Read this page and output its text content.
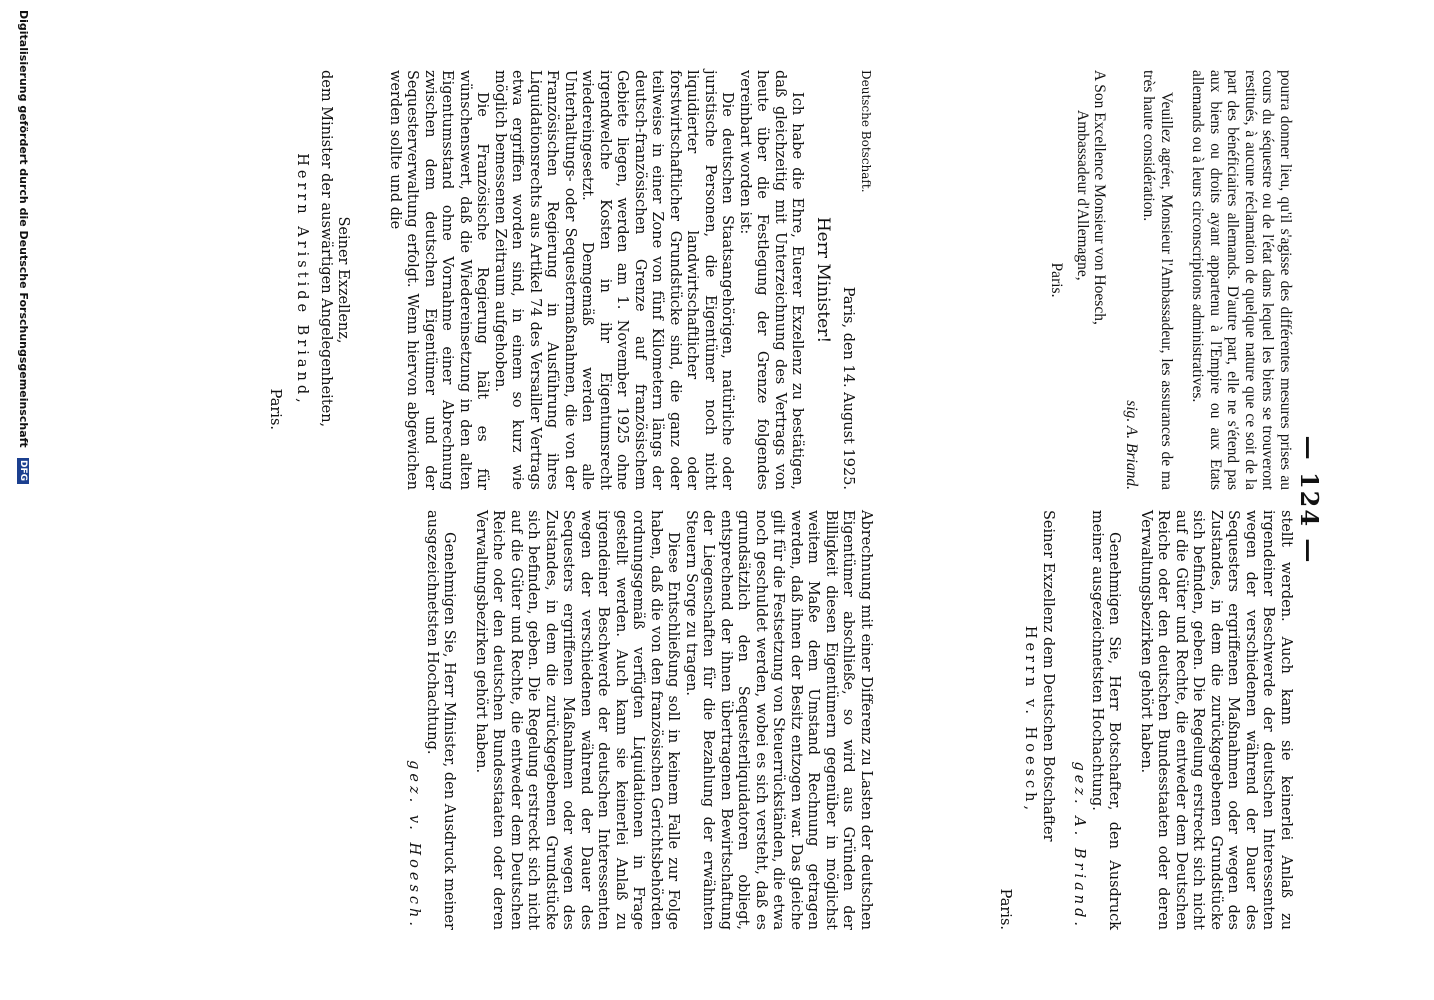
— 124 —

pourra donner lieu, qu'il s'agisse des différentes mesures prises au cours du séquestre ou de l'état dans lequel les biens se trouveront restitués, à aucune réclamation de quelque nature que ce soit de la part des bénéficiaires allemands. D'autre part, elle ne s'étend pas aux biens ou droits ayant appartenu à l'Empire ou aux Etats allemands ou à leurs circonscriptions administratives.

Veuillez agréer, Monsieur l'Ambassadeur, les assurances de ma très haute considération.

sig. A. Briand.

A Son Excellence Monsieur von Hoesch,

Ambassadeur d'Allemagne,

Paris.

stellt werden. Auch kann sie keinerlei Anlaß zu irgendeiner Beschwerde der deutschen Interessenten wegen der verschiedenen während der Dauer des Sequesters ergriffenen Maßnahmen oder wegen des Zustandes, in dem die zurückgegebenen Grundstücke sich befinden, geben. Die Regelung erstreckt sich nicht auf die Güter und Rechte, die entweder dem Deutschen Reiche oder den deutschen Bundesstaaten oder deren Verwaltungsbezirken gehört haben.

Genehmigen Sie, Herr Botschafter, den Ausdruck meiner ausgezeichnetsten Hochachtung.

gez. A. Briand.

Seiner Exzellenz dem Deutschen Botschafter

Herrn v. Hoesch,

Paris.

Deutsche Botschaft.

Paris, den 14. August 1925.

Herr Minister!

Ich habe die Ehre, Euerer Exzellenz zu bestätigen, daß gleichzeitig mit Unterzeichnung des Vertrags von heute über die Festlegung der Grenze folgendes vereinbart worden ist:

Die deutschen Staatsangehörigen, natürliche oder juristische Personen, die Eigentümer noch nicht liquidierter landwirtschaftlicher oder forstwirtschaftlicher Grundstücke sind, die ganz oder teilweise in einer Zone von fünf Kilometern längs der deutsch-französischen Grenze auf französischem Gebiete liegen, werden am 1. November 1925 ohne irgendwelche Kosten in ihr Eigentumsrecht wiedereingesetzt. Demgemäß werden alle Unterhaltungs- oder Sequestermaßnahmen, die von der Französischen Regierung in Ausführung ihres Liquidationsrechts aus Artikel 74 des Versailler Vertrags etwa ergriffen worden sind, in einem so kurz wie möglich bemessenen Zeitraum aufgehoben.

Die Französische Regierung hält es für wünschenswert, daß die Wiedereinsetzung in den alten Eigentumsstand ohne Vornahme einer Abrechnung zwischen dem deutschen Eigentümer und der Sequesterverwaltung erfolgt. Wenn hiervon abgewichen werden sollte und die

Seiner Exzellenz,

dem Minister der auswärtigen Angelegenheiten,

Herrn Aristide Briand,

Paris.

Abrechnung mit einer Differenz zu Lasten der deutschen Eigentümer abschließe, so wird aus Gründen der Billigkeit diesen Eigentümern gegenüber in möglichst weitem Maße dem Umstand Rechnung getragen werden, daß ihnen der Besitz entzogen war. Das gleiche gilt für die Festsetzung von Steuerrückständen, die etwa noch geschuldet werden, wobei es sich versteht, daß es grundsätzlich den Sequesterliquidatoren obliegt, entsprechend der ihnen übertragenen Bewirtschaftung der Liegenschaften für die Bezahlung der erwähnten Steuern Sorge zu tragen.

Diese Entschließung soll in keinem Falle zur Folge haben, daß die von den französischen Gerichtsbehörden ordnungsgemäß verfügten Liquidationen in Frage gestellt werden. Auch kann sie keinerlei Anlaß zu irgendeiner Beschwerde der deutschen Interessenten wegen der verschiedenen während der Dauer des Sequesters ergriffenen Maßnahmen oder wegen des Zustandes, in dem die zurückgegebenen Grundstücke sich befinden, geben. Die Regelung erstreckt sich nicht auf die Güter und Rechte, die entweder dem Deutschen Reiche oder den deutschen Bundesstaaten oder deren Verwaltungsbezirken gehört haben.

Genehmigen Sie, Herr Minister, den Ausdruck meiner ausgezeichnetsten Hochachtung.

gez. v. Hoesch.

Digitalisierung gefördert durch die Deutsche Forschungsgemeinschaft DFG
